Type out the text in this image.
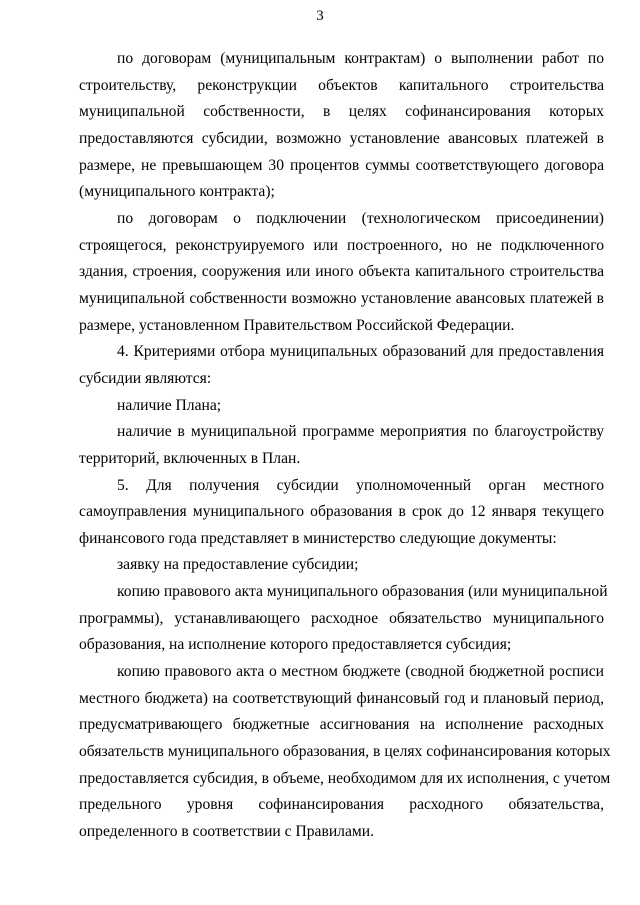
3
по договорам (муниципальным контрактам) о выполнении работ по
строительству, реконструкции объектов капитального строительства
муниципальной собственности, в целях софинансирования которых
предоставляются субсидии, возможно установление авансовых платежей в
размере, не превышающем 30 процентов суммы соответствующего договора
(муниципального контракта);
по договорам о подключении (технологическом присоединении)
строящегося, реконструируемого или построенного, но не подключенного
здания, строения, сооружения или иного объекта капитального строительства
муниципальной собственности возможно установление авансовых платежей в
размере, установленном Правительством Российской Федерации.
4. Критериями отбора муниципальных образований для предоставления
субсидии являются:
наличие Плана;
наличие в муниципальной программе мероприятия по благоустройству
территорий, включенных в План.
5. Для получения субсидии уполномоченный орган местного
самоуправления муниципального образования в срок до 12 января текущего
финансового года представляет в министерство следующие документы:
заявку на предоставление субсидии;
копию правового акта муниципального образования (или муниципальной
программы), устанавливающего расходное обязательство муниципального
образования, на исполнение которого предоставляется субсидия;
копию правового акта о местном бюджете (сводной бюджетной росписи
местного бюджета) на соответствующий финансовый год и плановый период,
предусматривающего бюджетные ассигнования на исполнение расходных
обязательств муниципального образования, в целях софинансирования которых
предоставляется субсидия, в объеме, необходимом для их исполнения, с учетом
предельного уровня софинансирования расходного обязательства,
определенного в соответствии с Правилами.
